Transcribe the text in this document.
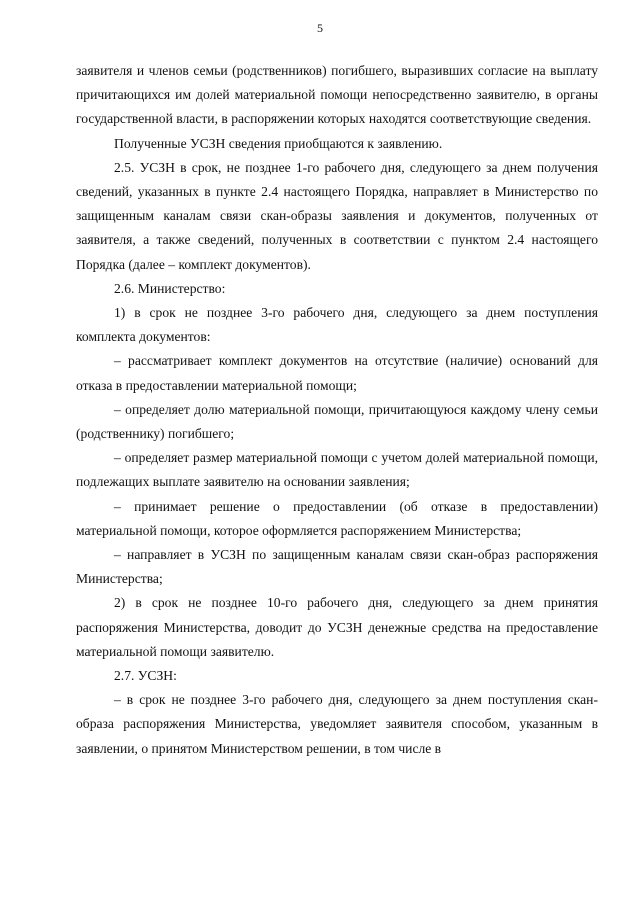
5

заявителя и членов семьи (родственников) погибшего, выразивших согласие на выплату причитающихся им долей материальной помощи непосредственно заявителю, в органы государственной власти, в распоряжении которых находятся соответствующие сведения.

Полученные УСЗН сведения приобщаются к заявлению.

2.5. УСЗН в срок, не позднее 1-го рабочего дня, следующего за днем получения сведений, указанных в пункте 2.4 настоящего Порядка, направляет в Министерство по защищенным каналам связи скан-образы заявления и документов, полученных от заявителя, а также сведений, полученных в соответствии с пунктом 2.4 настоящего Порядка (далее – комплект документов).

2.6. Министерство:

1) в срок не позднее 3-го рабочего дня, следующего за днем поступления комплекта документов:

– рассматривает комплект документов на отсутствие (наличие) оснований для отказа в предоставлении материальной помощи;

– определяет долю материальной помощи, причитающуюся каждому члену семьи (родственнику) погибшего;

– определяет размер материальной помощи с учетом долей материальной помощи, подлежащих выплате заявителю на основании заявления;

– принимает решение о предоставлении (об отказе в предоставлении) материальной помощи, которое оформляется распоряжением Министерства;

– направляет в УСЗН по защищенным каналам связи скан-образ распоряжения Министерства;

2) в срок не позднее 10-го рабочего дня, следующего за днем принятия распоряжения Министерства, доводит до УСЗН денежные средства на предоставление материальной помощи заявителю.

2.7. УСЗН:

– в срок не позднее 3-го рабочего дня, следующего за днем поступления скан-образа распоряжения Министерства, уведомляет заявителя способом, указанным в заявлении, о принятом Министерством решении, в том числе в
